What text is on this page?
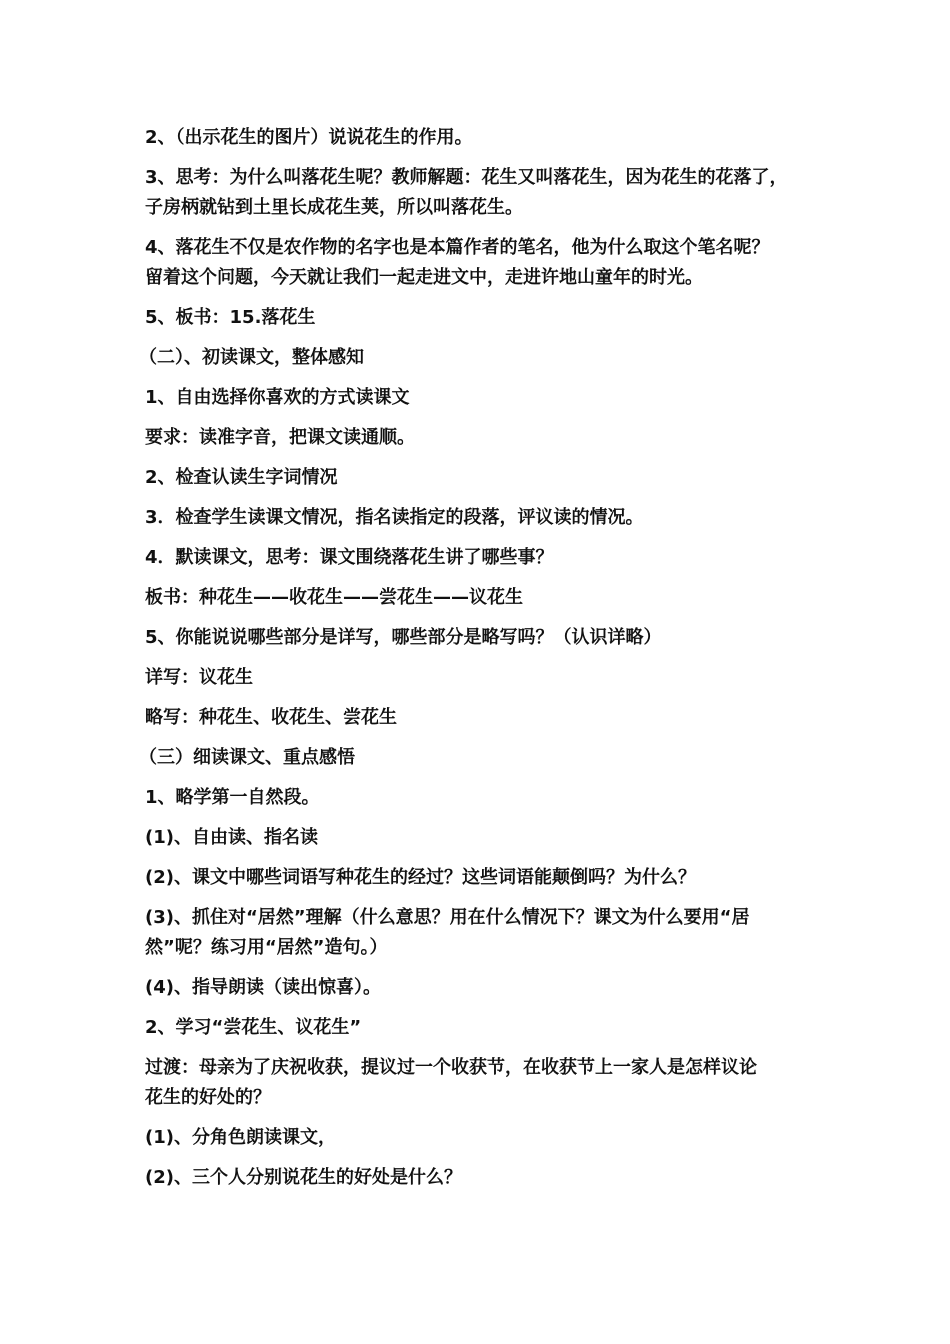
2、（出示花生的图片）说说花生的作用。
3、思考：为什么叫落花生呢？教师解题：花生又叫落花生，因为花生的花落了，
子房柄就钻到土里长成花生荚，所以叫落花生。
4、落花生不仅是农作物的名字也是本篇作者的笔名，他为什么取这个笔名呢？
留着这个问题，今天就让我们一起走进文中，走进许地山童年的时光。
5、板书：15.落花生
（二）、初读课文，整体感知
1、自由选择你喜欢的方式读课文
要求：读准字音，把课文读通顺。
2、检查认读生字词情况
3．检查学生读课文情况，指名读指定的段落，评议读的情况。
4．默读课文，思考：课文围绕落花生讲了哪些事？
板书：种花生——收花生——尝花生——议花生
5、你能说说哪些部分是详写，哪些部分是略写吗？（认识详略）
详写：议花生
略写：种花生、收花生、尝花生
（三）细读课文、重点感悟
1、略学第一自然段。
(1)、自由读、指名读
(2)、课文中哪些词语写种花生的经过？这些词语能颠倒吗？为什么？
(3)、抓住对“居然”理解（什么意思？用在什么情况下？课文为什么要用“居
然”呢？练习用“居然”造句。）
(4)、指导朗读（读出惊喜）。
2、学习“尝花生、议花生”
过渡：母亲为了庆祝收获，提议过一个收获节，在收获节上一家人是怎样议论
花生的好处的？
(1)、分角色朗读课文，
(2)、三个人分别说花生的好处是什么？
